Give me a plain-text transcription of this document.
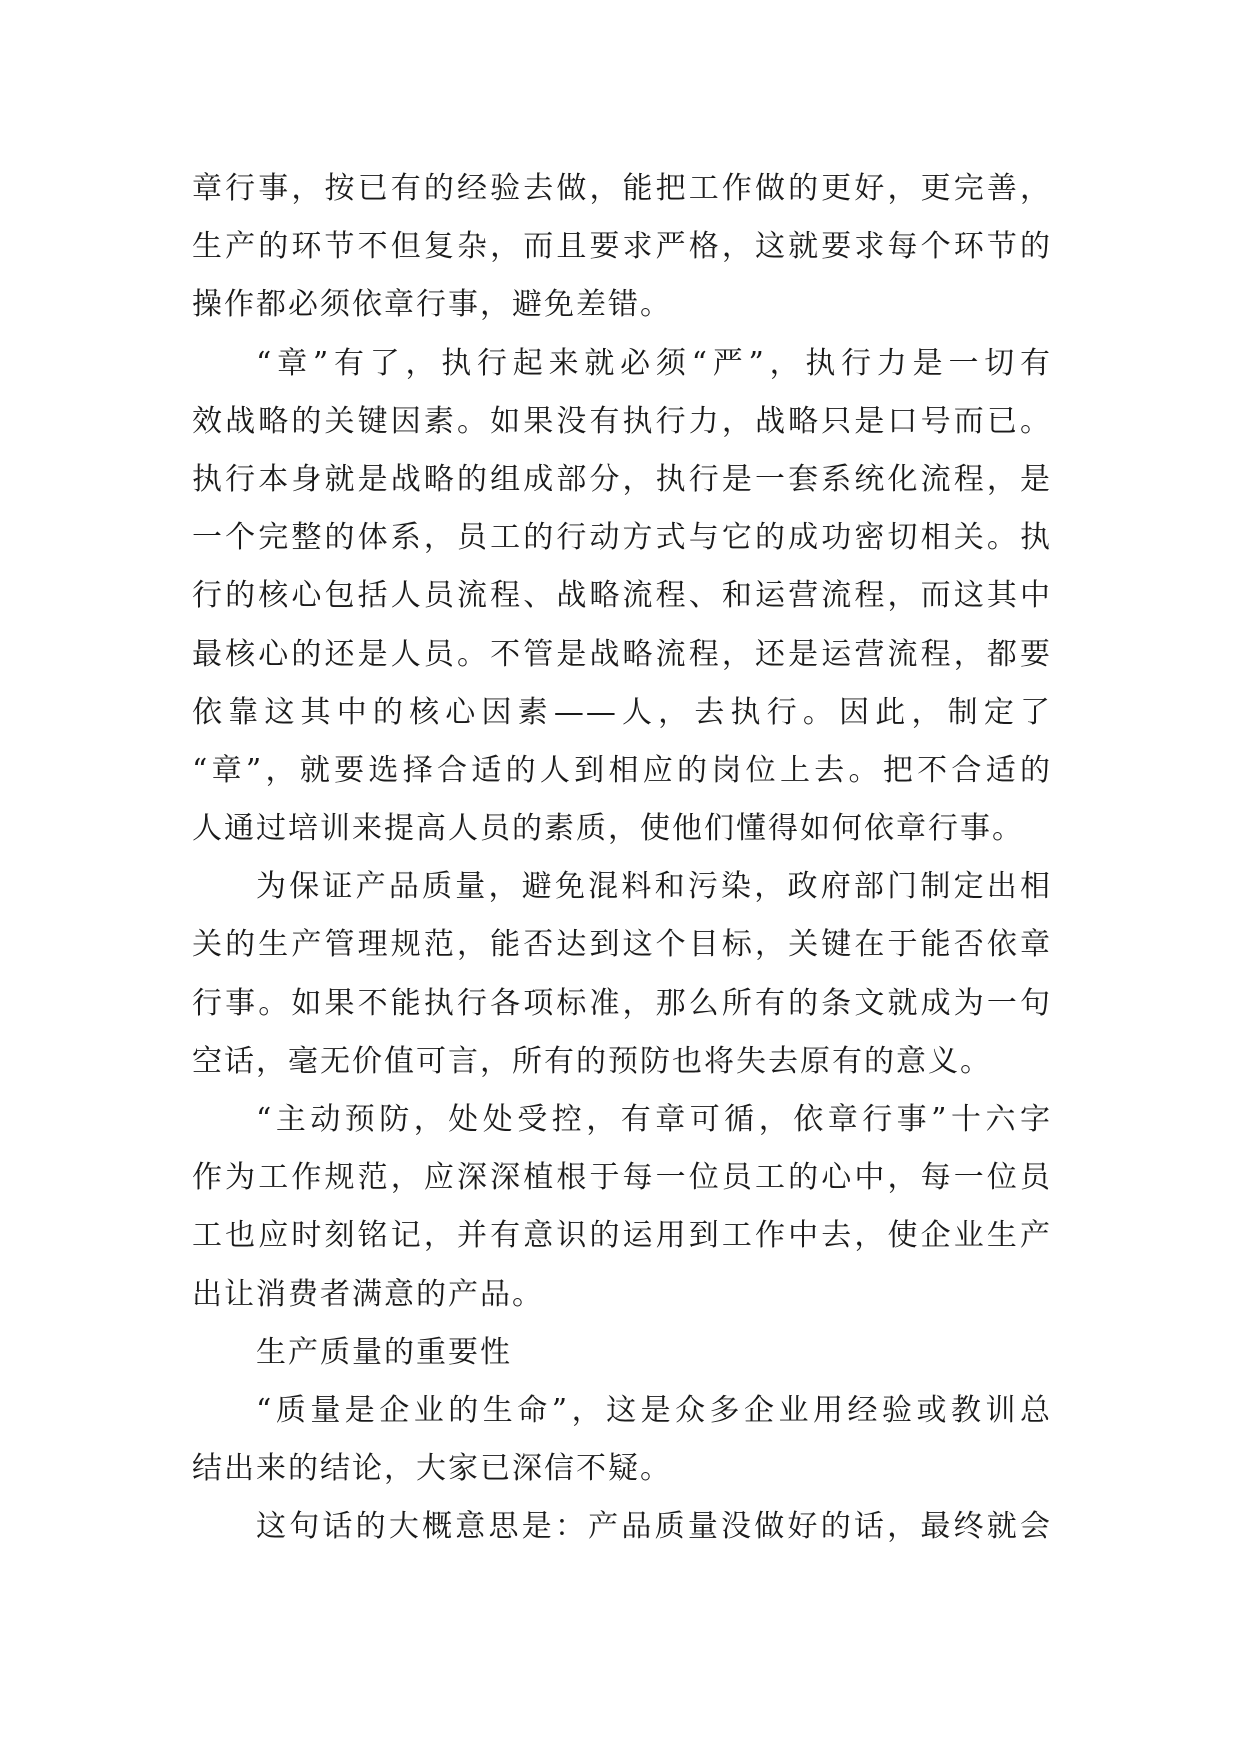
章行事，按已有的经验去做，能把工作做的更好，更完善，
生产的环节不但复杂，而且要求严格，这就要求每个环节的
操作都必须依章行事，避免差错。
“章”有了，执行起来就必须“严”，执行力是一切有
效战略的关键因素。如果没有执行力，战略只是口号而已。
执行本身就是战略的组成部分，执行是一套系统化流程，是
一个完整的体系，员工的行动方式与它的成功密切相关。执
行的核心包括人员流程、战略流程、和运营流程，而这其中
最核心的还是人员。不管是战略流程，还是运营流程，都要
依靠这其中的核心因素——人，去执行。因此，制定了
“章”，就要选择合适的人到相应的岗位上去。把不合适的
人通过培训来提高人员的素质，使他们懂得如何依章行事。
为保证产品质量，避免混料和污染，政府部门制定出相
关的生产管理规范，能否达到这个目标，关键在于能否依章
行事。如果不能执行各项标准，那么所有的条文就成为一句
空话，毫无价值可言，所有的预防也将失去原有的意义。
“主动预防，处处受控，有章可循，依章行事”十六字
作为工作规范，应深深植根于每一位员工的心中，每一位员
工也应时刻铭记，并有意识的运用到工作中去，使企业生产
出让消费者满意的产品。
生产质量的重要性
“质量是企业的生命”，这是众多企业用经验或教训总
结出来的结论，大家已深信不疑。
这句话的大概意思是：产品质量没做好的话，最终就会
